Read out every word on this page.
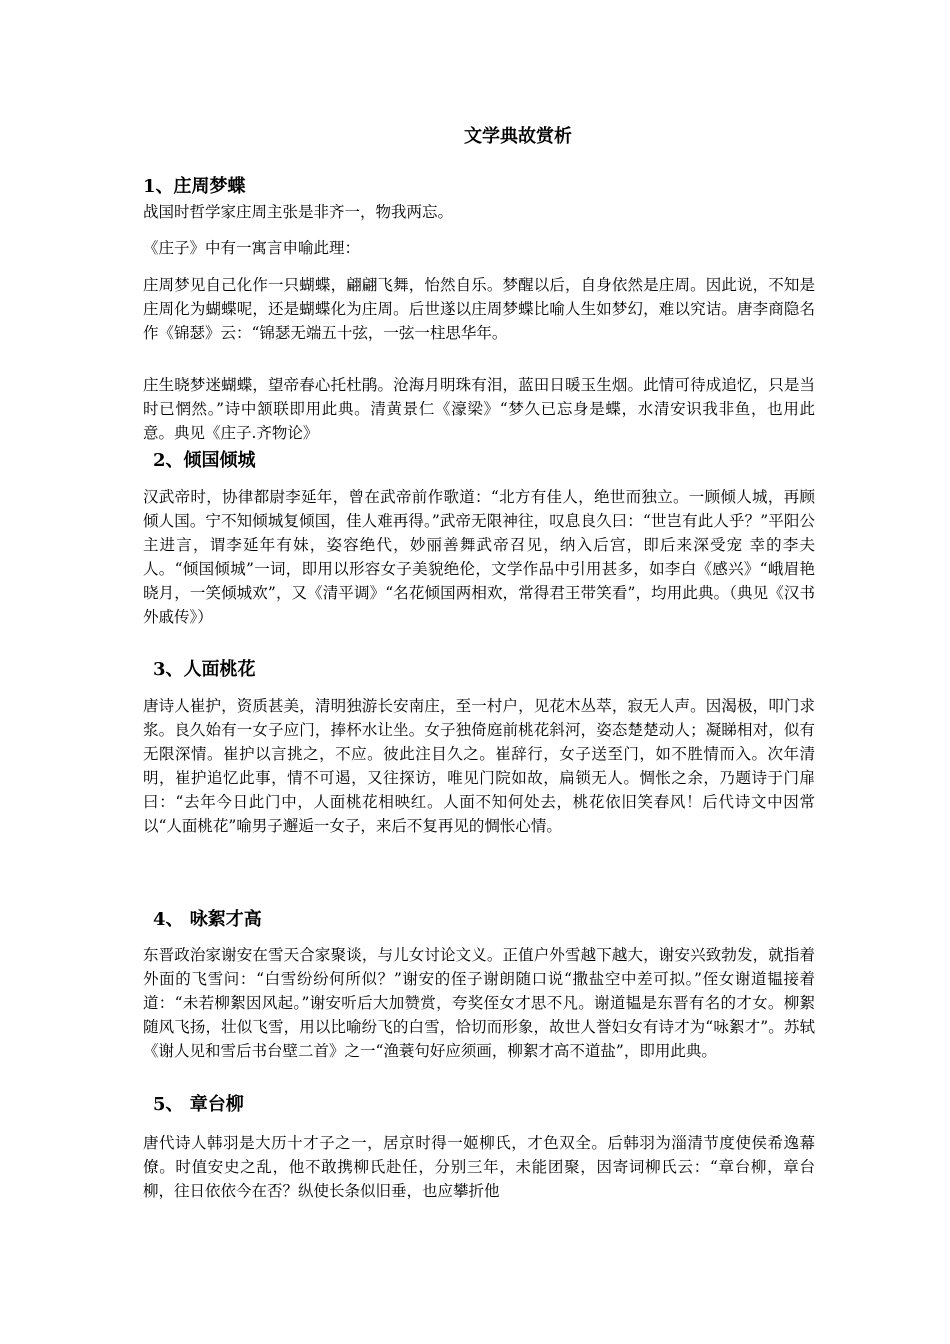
文学典故赏析
1、庄周梦蝶

战国时哲学家庄周主张是非齐一，物我两忘。

《庄子》中有一寓言申喻此理：

庄周梦见自己化作一只蝴蝶，翩翩飞舞，怡然自乐。梦醒以后，自身依然是庄周。因此说，不知是庄周化为蝴蝶呢，还是蝴蝶化为庄周。后世遂以庄周梦蝶比喻人生如梦幻，难以究诘。唐李商隐名作《锦瑟》云：“锦瑟无端五十弦，一弦一柱思华年。

庄生晓梦迷蝴蝶，望帝春心托杜鹃。沧海月明珠有泪，蓝田日暖玉生烟。此情可待成追忆，只是当时已惘然。”诗中颔联即用此典。清黄景仁《濠梁》“梦久已忘身是蝶，水清安识我非鱼，也用此意。典见《庄子.齐物论》

2、倾国倾城

汉武帝时，协律都尉李延年，曾在武帝前作歌道：“北方有佳人，绝世而独立。一顾倾人城，再顾倾人国。宁不知倾城复倾国，佳人难再得。”武帝无限神往，叹息良久曰：“世岂有此人乎？”平阳公主进言，谓李延年有妹，姿容绝代，妙丽善舞武帝召见，纳入后宫，即后来深受宠 幸的李夫人。“倾国倾城”一词，即用以形容女子美貌绝伦，文学作品中引用甚多，如李白《感兴》“峨眉艳晓月，一笑倾城欢”，又《清平调》“名花倾国两相欢，常得君王带笑看”，均用此典。（典见《汉书外戚传》）

3、人面桃花

唐诗人崔护，资质甚美，清明独游长安南庄，至一村户，见花木丛萃，寂无人声。因渴极，叩门求浆。良久始有一女子应门，捧杯水让坐。女子独倚庭前桃花斜河，姿态楚楚动人；凝睇相对，似有无限深情。崔护以言挑之，不应。彼此注目久之。崔辞行，女子送至门，如不胜情而入。次年清明，崔护追忆此事，情不可遏，又往探访，唯见门院如故，扁锁无人。惆怅之余，乃题诗于门扉曰：“去年今日此门中，人面桃花相映红。人面不知何处去，桃花依旧笑春风！后代诗文中因常以“人面桃花”喻男子邂逅一女子，来后不复再见的惆怅心情。

4、 咏絮才高

东晋政治家谢安在雪天合家聚谈，与儿女讨论文义。正值户外雪越下越大，谢安兴致勃发，就指着外面的飞雪问：“白雪纷纷何所似？”谢安的侄子谢朗随口说“撒盐空中差可拟。”侄女谢道韫接着道：“未若柳絮因风起。”谢安听后大加赞赏，夸奖侄女才思不凡。谢道韫是东晋有名的才女。柳絮随风飞扬，壮似飞雪，用以比喻纷飞的白雪，恰切而形象，故世人誉妇女有诗才为“咏絮才”。苏轼《谢人见和雪后书台壁二首》之一“渔蓑句好应须画，柳絮才高不道盐”，即用此典。

5、 章台柳

唐代诗人韩羽是大历十才子之一，居京时得一姬柳氏，才色双全。后韩羽为淄清节度使侯希逸幕僚。时值安史之乱，他不敢携柳氏赴任，分别三年，未能团聚，因寄词柳氏云：“章台柳，章台柳，往日依依今在否？纵使长条似旧垂，也应攀折他
